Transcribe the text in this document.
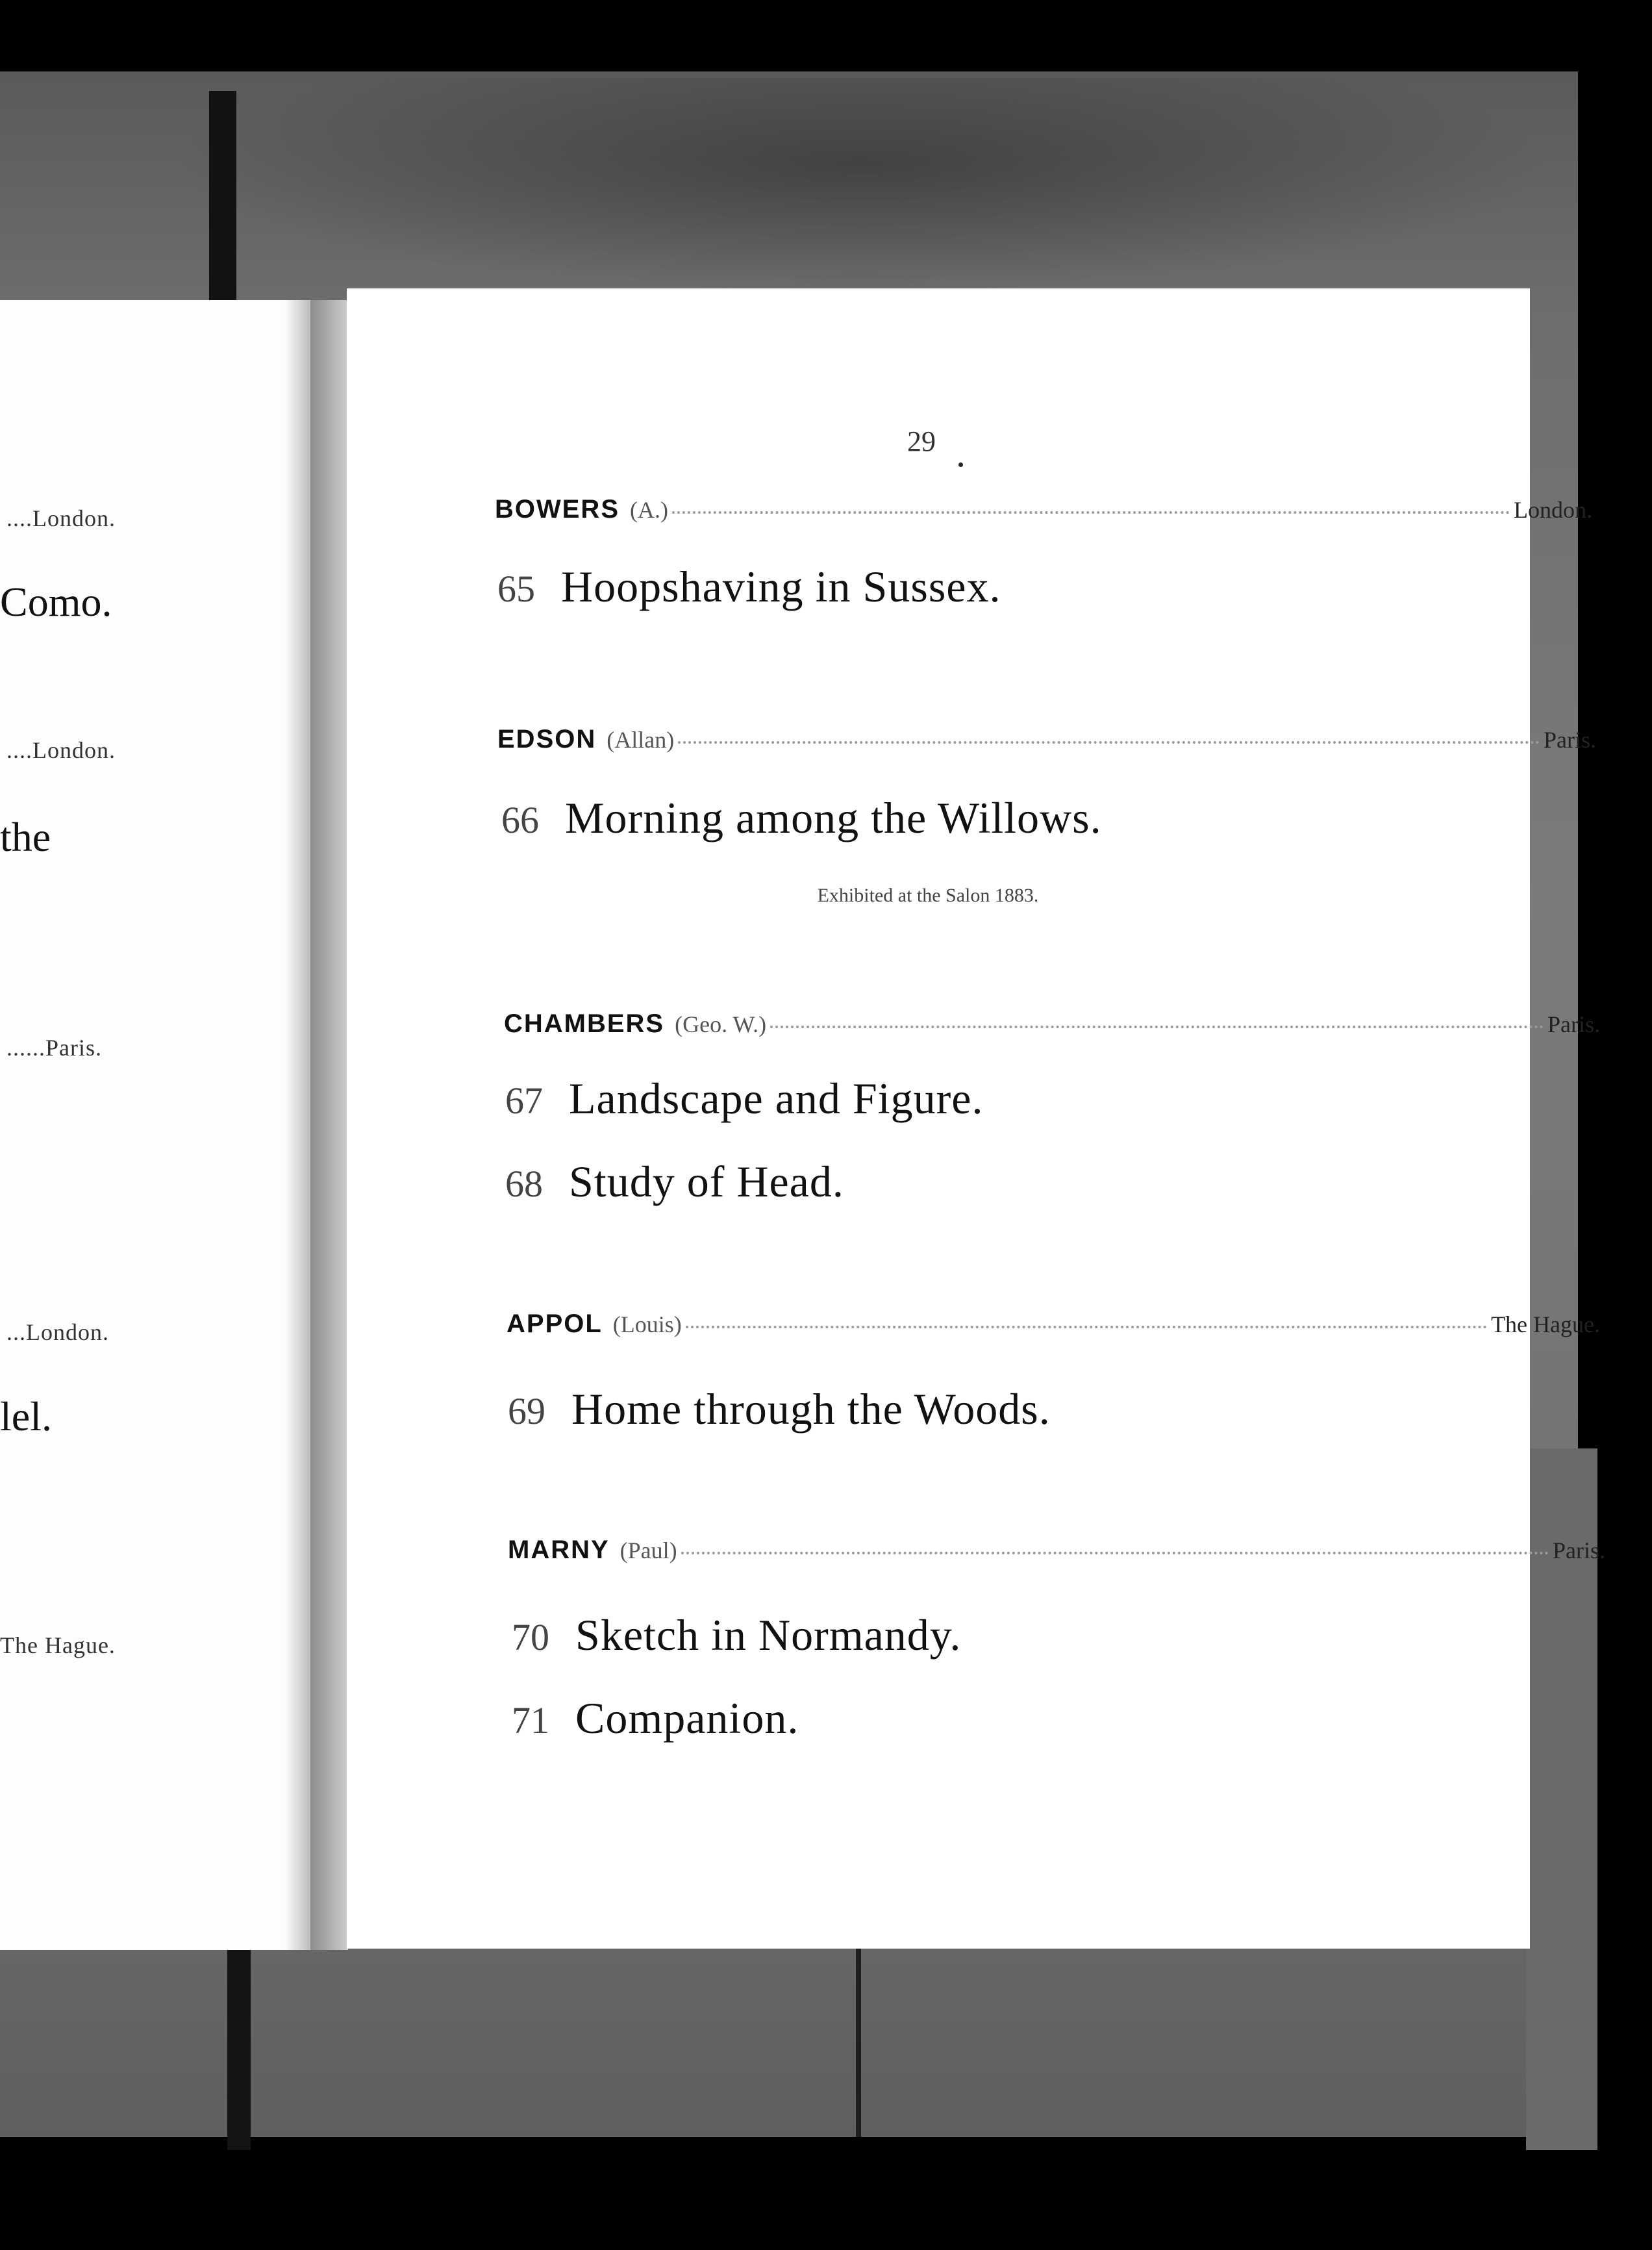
....London.
Como.
....London.
the
......Paris.
...London.
lel.
The Hague.
29
BOWERS (A.)	London.
65 Hoopshaving in Sussex.
EDSON (Allan)	Paris.
66 Morning among the Willows.
Exhibited at the Salon 1883.
CHAMBERS (Geo. W.)	Paris.
67 Landscape and Figure.
68 Study of Head.
APPOL (Louis)	The Hague.
69 Home through the Woods.
MARNY (Paul)	Paris.
70 Sketch in Normandy.
71 Companion.
